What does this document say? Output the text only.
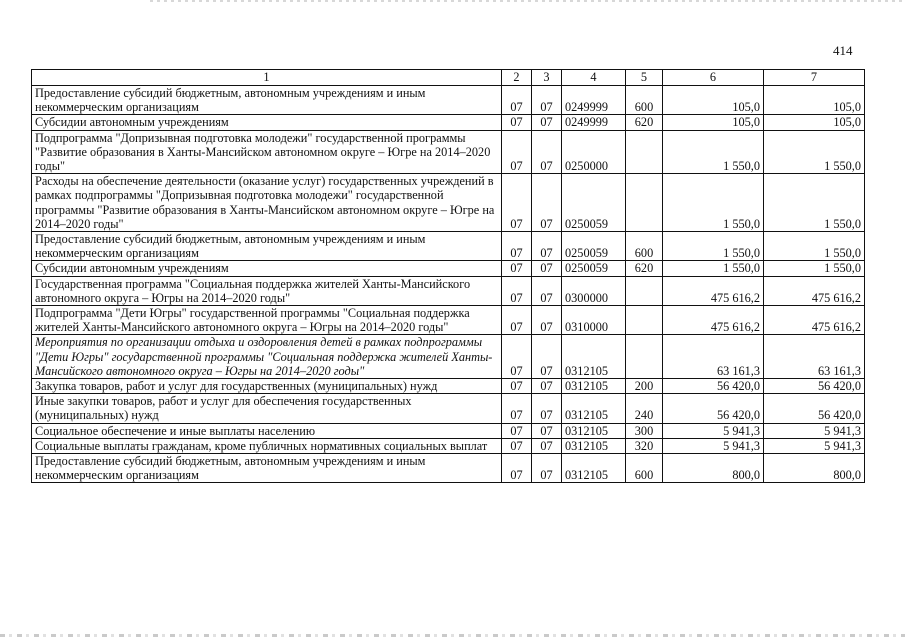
414
1	2	3	4	5	6	7
Предоставление субсидий бюджетным, автономным учреждениям и иным некоммерческим организациям	07	07	0249999	600	105,0	105,0
Субсидии автономным учреждениям	07	07	0249999	620	105,0	105,0
Подпрограмма "Допризывная подготовка молодежи" государственной программы "Развитие образования в Ханты-Мансийском автономном округе – Югре на 2014–2020 годы"	07	07	0250000		1 550,0	1 550,0
Расходы на обеспечение деятельности (оказание услуг) государственных учреждений в рамках подпрограммы "Допризывная подготовка молодежи" государственной программы "Развитие образования в Ханты-Мансийском автономном округе – Югре на 2014–2020 годы"	07	07	0250059		1 550,0	1 550,0
Предоставление субсидий бюджетным, автономным учреждениям и иным некоммерческим организациям	07	07	0250059	600	1 550,0	1 550,0
Субсидии автономным учреждениям	07	07	0250059	620	1 550,0	1 550,0
Государственная программа "Социальная поддержка жителей Ханты-Мансийского автономного округа – Югры на 2014–2020 годы"	07	07	0300000		475 616,2	475 616,2
Подпрограмма "Дети Югры" государственной программы "Социальная поддержка жителей Ханты-Мансийского автономного округа – Югры на 2014–2020 годы"	07	07	0310000		475 616,2	475 616,2
Мероприятия по организации отдыха и оздоровления детей в рамках подпрограммы "Дети Югры" государственной программы "Социальная поддержка жителей Ханты-Мансийского автономного округа – Югры на 2014–2020 годы"	07	07	0312105		63 161,3	63 161,3
Закупка товаров, работ и услуг для государственных (муниципальных) нужд	07	07	0312105	200	56 420,0	56 420,0
Иные закупки товаров, работ и услуг для обеспечения государственных (муниципальных) нужд	07	07	0312105	240	56 420,0	56 420,0
Социальное обеспечение и иные выплаты населению	07	07	0312105	300	5 941,3	5 941,3
Социальные выплаты гражданам, кроме публичных нормативных социальных выплат	07	07	0312105	320	5 941,3	5 941,3
Предоставление субсидий бюджетным, автономным учреждениям и иным некоммерческим организациям	07	07	0312105	600	800,0	800,0
